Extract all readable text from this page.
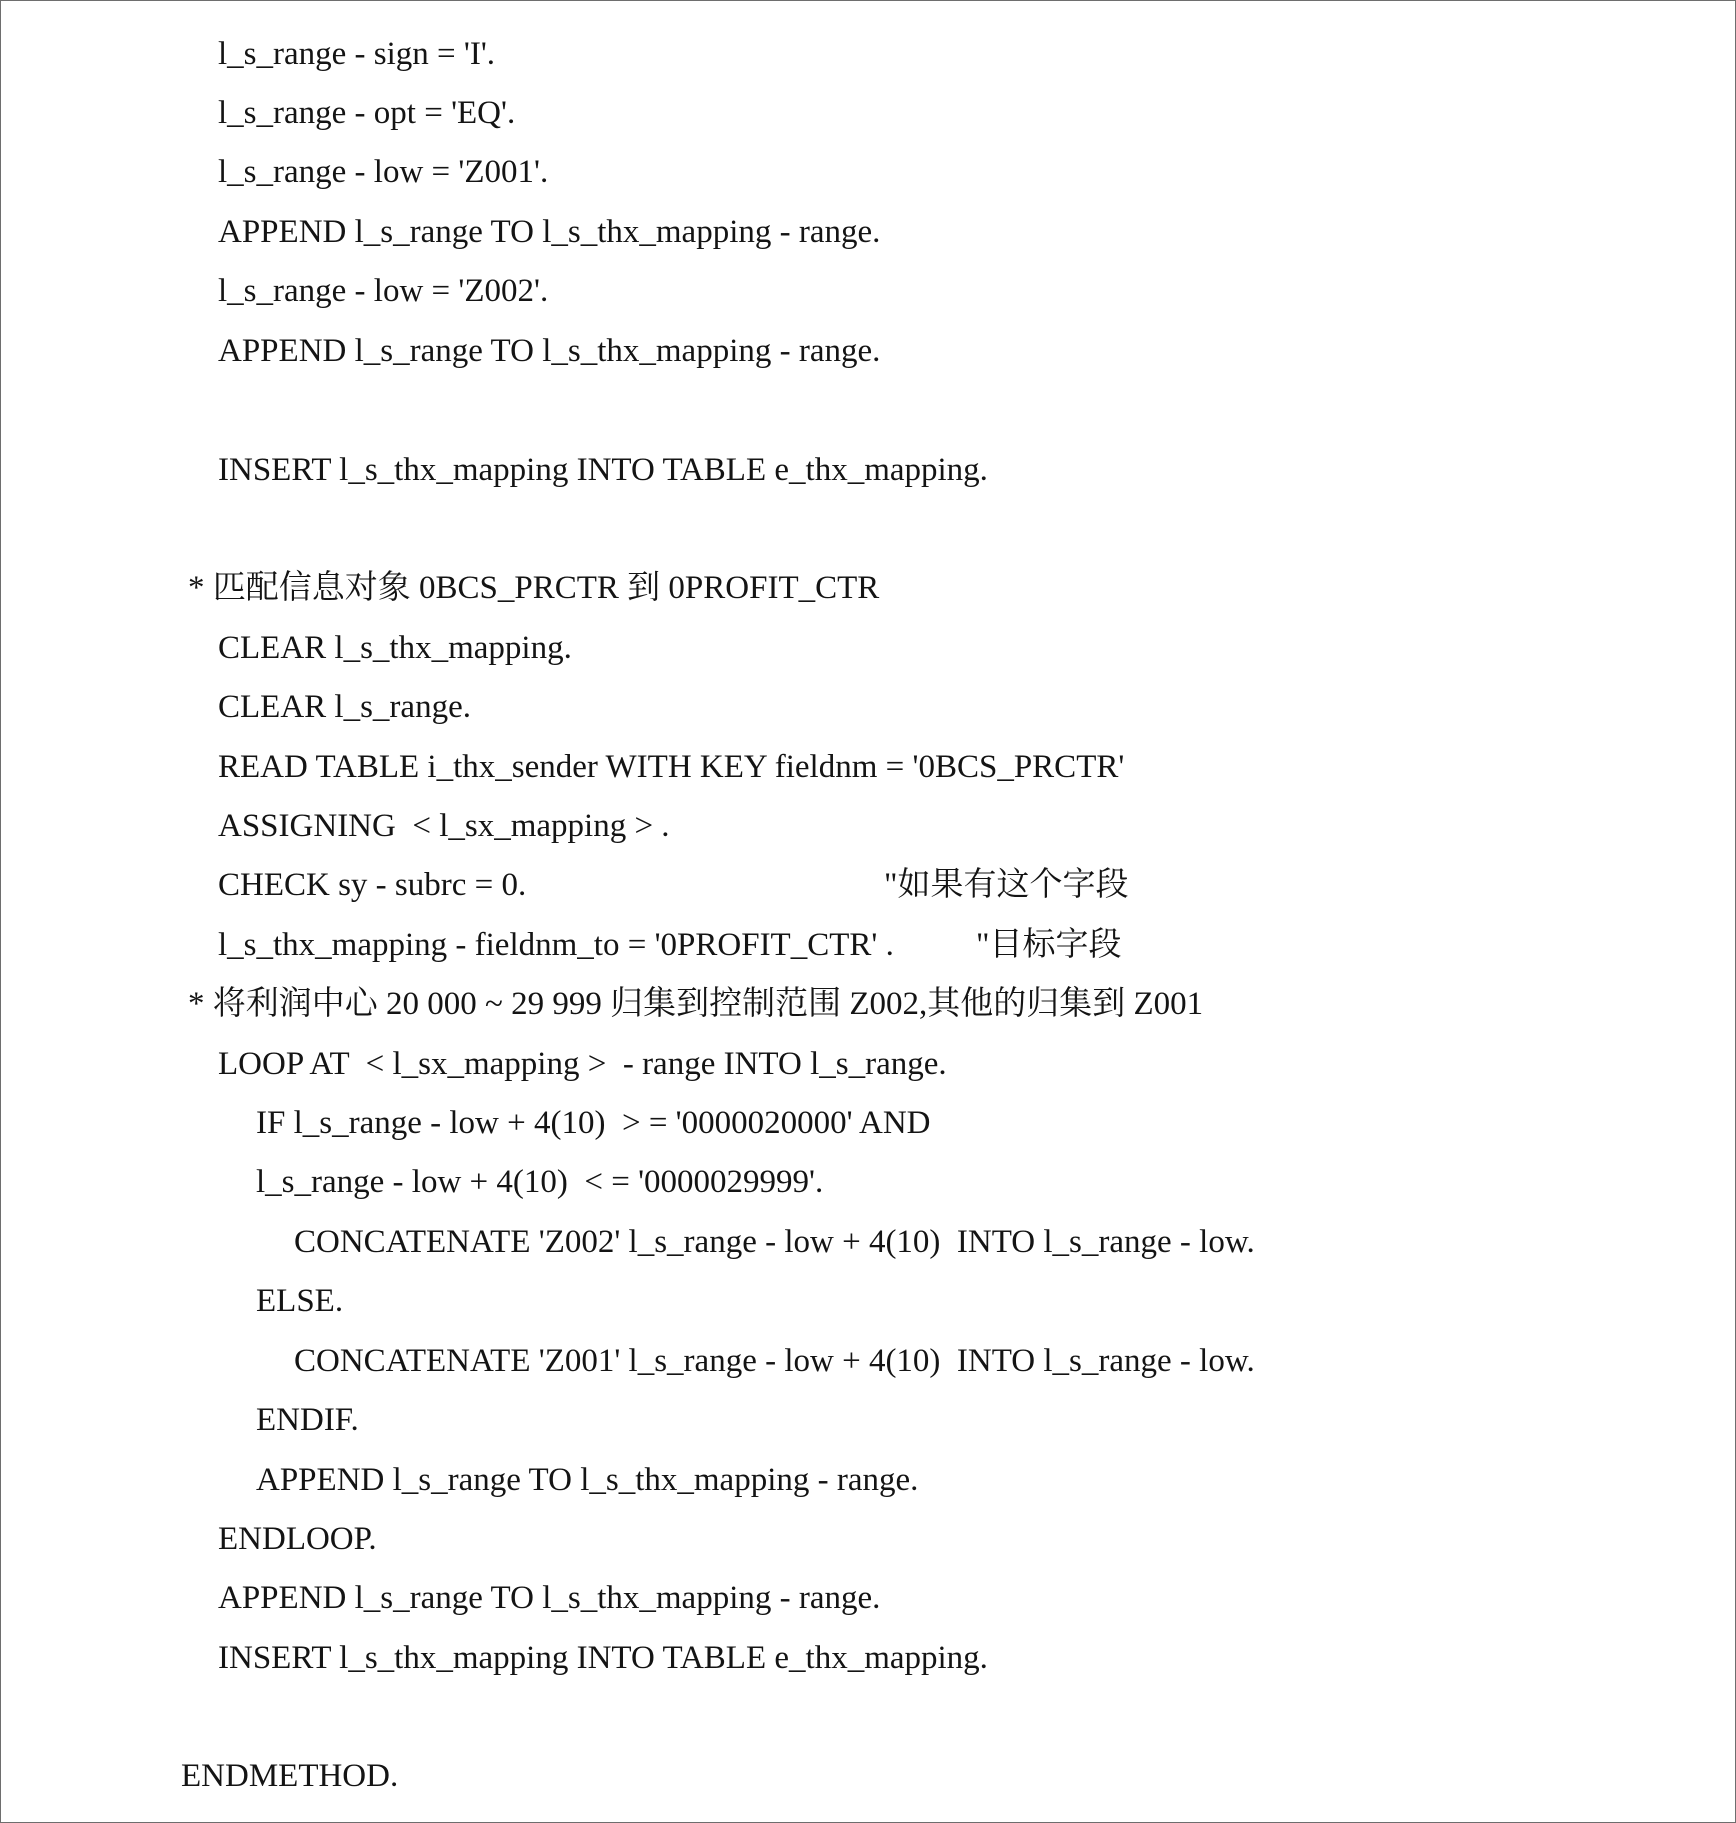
l_s_range - sign = 'I'.
l_s_range - opt = 'EQ'.
l_s_range - low = 'Z001'.
APPEND l_s_range TO l_s_thx_mapping - range.
l_s_range - low = 'Z002'.
APPEND l_s_range TO l_s_thx_mapping - range.
INSERT l_s_thx_mapping INTO TABLE e_thx_mapping.
* 匹配信息对象 0BCS_PRCTR 到 0PROFIT_CTR
CLEAR l_s_thx_mapping.
CLEAR l_s_range.
READ TABLE i_thx_sender WITH KEY fieldnm = '0BCS_PRCTR'
ASSIGNING  < l_sx_mapping > .
CHECK sy - subrc = 0.	"如果有这个字段
l_s_thx_mapping - fieldnm_to = '0PROFIT_CTR' . "目标字段
* 将利润中心 20 000 ~ 29 999 归集到控制范围 Z002,其他的归集到 Z001
LOOP AT  < l_sx_mapping >  - range INTO l_s_range.
IF l_s_range - low + 4(10)  > = '0000020000' AND
l_s_range - low + 4(10)  < = '0000029999'.
CONCATENATE 'Z002' l_s_range - low + 4(10)  INTO l_s_range - low.
ELSE.
CONCATENATE 'Z001' l_s_range - low + 4(10)  INTO l_s_range - low.
ENDIF.
APPEND l_s_range TO l_s_thx_mapping - range.
ENDLOOP.
APPEND l_s_range TO l_s_thx_mapping - range.
INSERT l_s_thx_mapping INTO TABLE e_thx_mapping.
ENDMETHOD.
